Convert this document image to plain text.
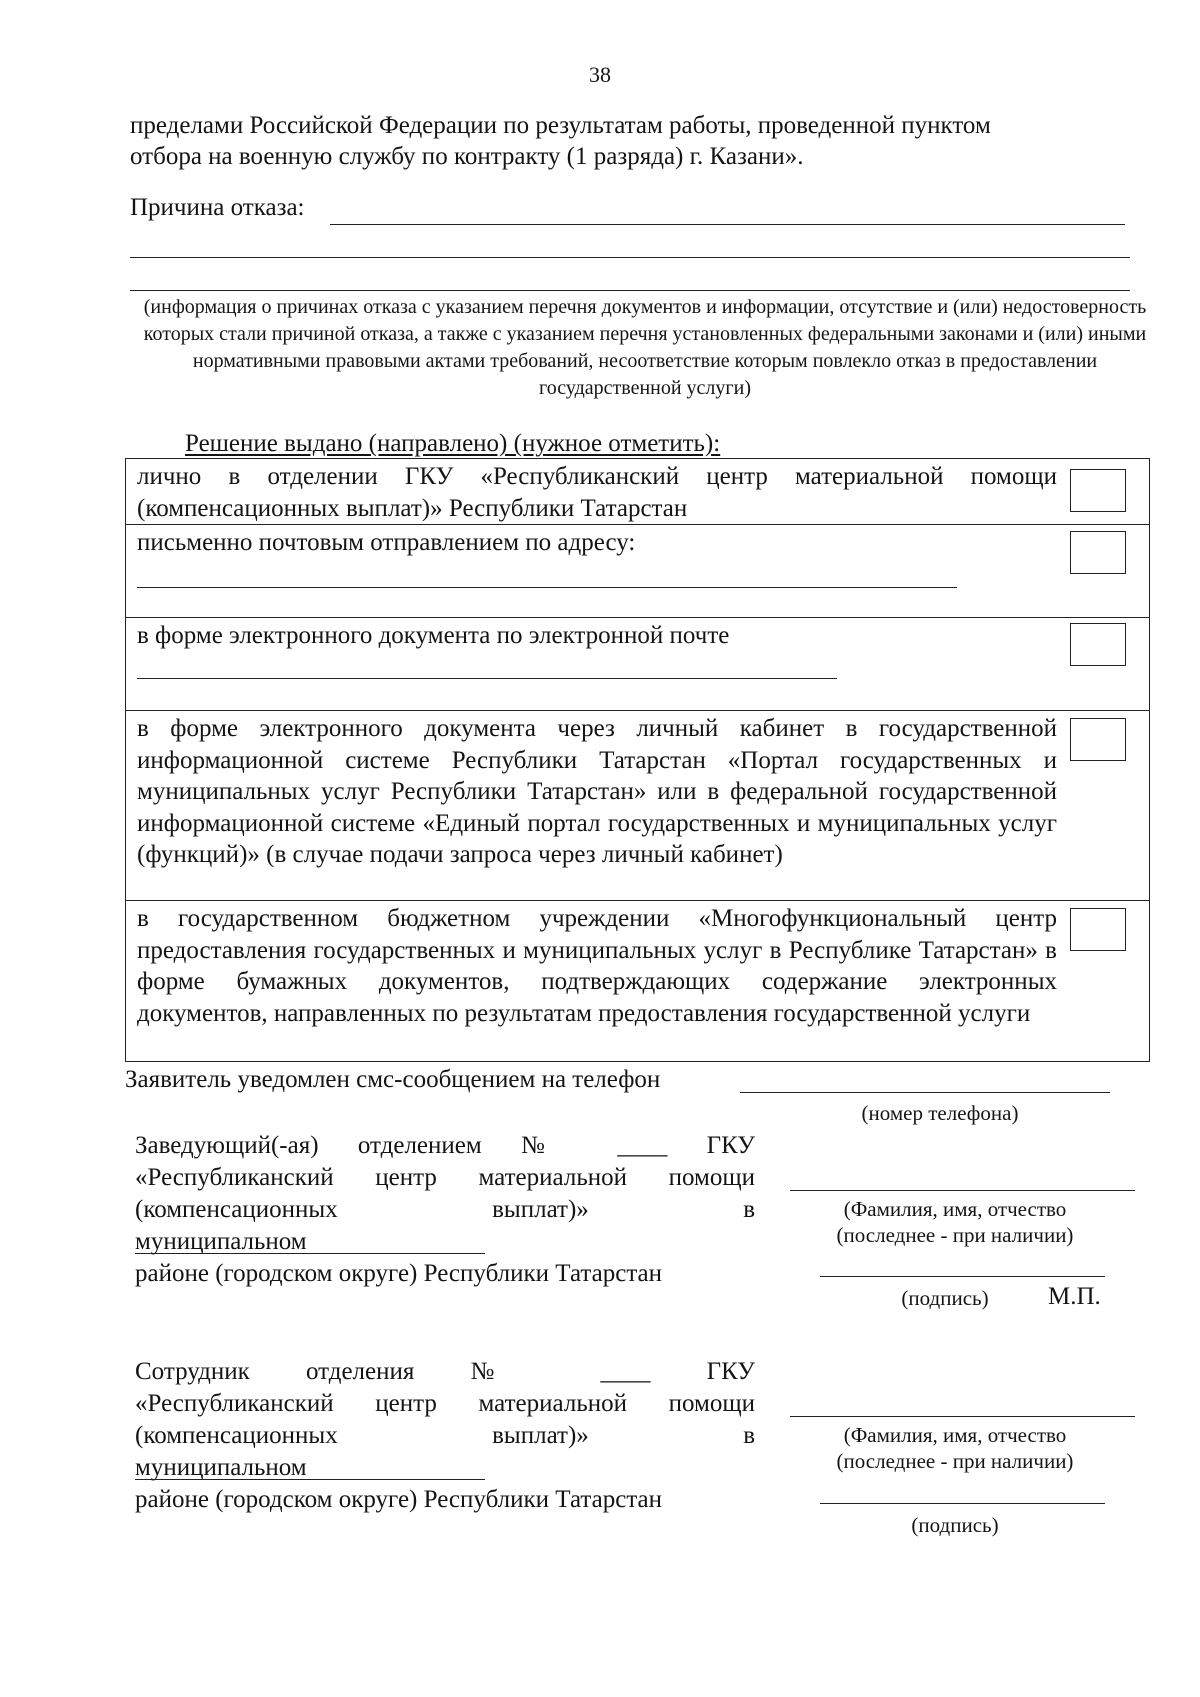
38
пределами Российской Федерации по результатам работы, проведенной пунктом
отбора на военную службу по контракту (1 разряда) г. Казани».
Причина отказа:
(информация о причинах отказа с указанием перечня документов и информации, отсутствие и (или) недостоверность которых стали причиной отказа, а также с указанием перечня установленных федеральными законами и (или) иными нормативными правовыми актами требований, несоответствие которым повлекло отказ в предоставлении государственной услуги)
Решение выдано (направлено) (нужное отметить):
лично в отделении ГКУ «Республиканский центр материальной помощи (компенсационных выплат)» Республики Татарстан
письменно почтовым отправлением по адресу:
в форме электронного документа по электронной почте
в форме электронного документа через личный кабинет в государственной информационной системе Республики Татарстан «Портал государственных и муниципальных услуг Республики Татарстан» или в федеральной государственной информационной системе «Единый портал государственных и муниципальных услуг (функций)» (в случае подачи запроса через личный кабинет)
в государственном бюджетном учреждении «Многофункциональный центр предоставления государственных и муниципальных услуг в Республике Татарстан» в форме бумажных документов, подтверждающих содержание электронных документов, направленных по результатам предоставления государственной услуги
Заявитель уведомлен смс-сообщением на телефон
(номер телефона)
Заведующий(-ая) отделением № ____ ГКУ
«Республиканский центр материальной помощи
(компенсационных выплат)» в
муниципальном
районе (городском округе) Республики Татарстан
(Фамилия, имя, отчество
(последнее - при наличии)
(подпись)	М.П.
Сотрудник отделения № ____ ГКУ
«Республиканский центр материальной помощи
(компенсационных выплат)» в
муниципальном
районе (городском округе) Республики Татарстан
(Фамилия, имя, отчество
(последнее - при наличии)
(подпись)
